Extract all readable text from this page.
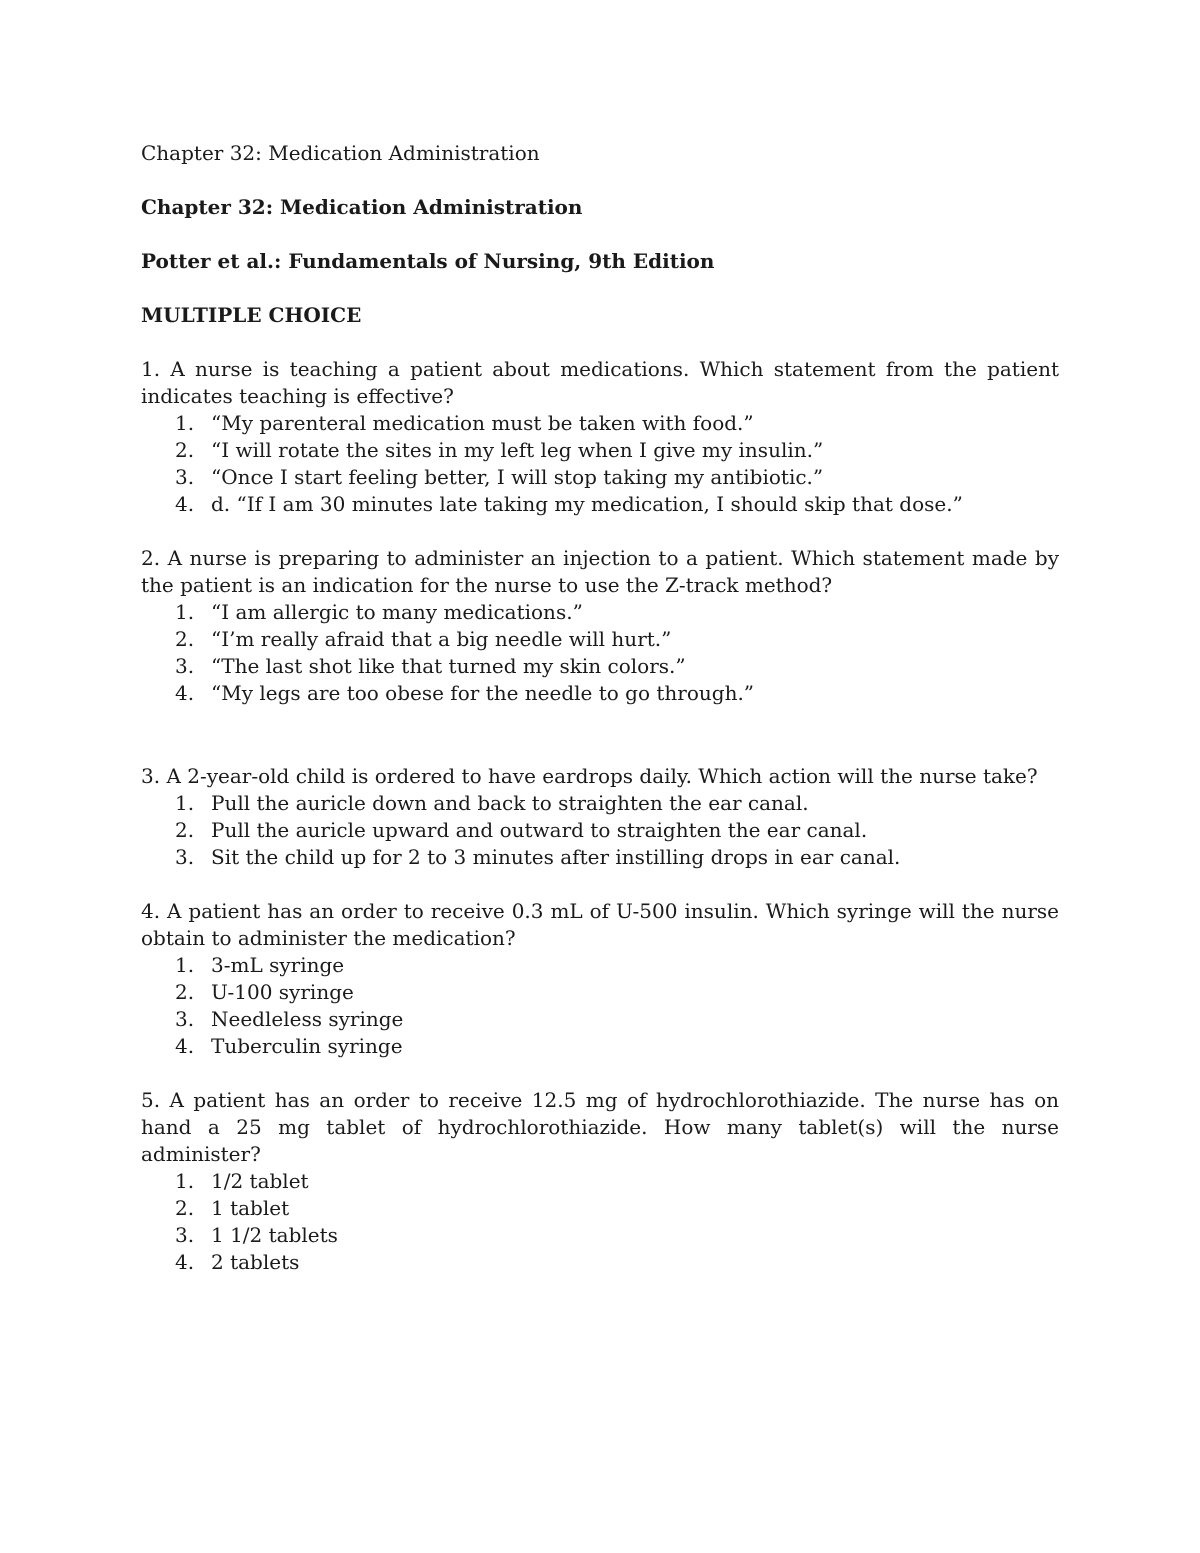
Chapter 32: Medication Administration

Chapter 32: Medication Administration

Potter et al.: Fundamentals of Nursing, 9th Edition

MULTIPLE CHOICE

1. A nurse is teaching a patient about medications. Which statement from the patient indicates teaching is effective?

1. “My parenteral medication must be taken with food.”
2. “I will rotate the sites in my left leg when I give my insulin.”
3. “Once I start feeling better, I will stop taking my antibiotic.”
4. d. “If I am 30 minutes late taking my medication, I should skip that dose.”

2. A nurse is preparing to administer an injection to a patient. Which statement made by the patient is an indication for the nurse to use the Z-track method?

1. “I am allergic to many medications.”
2. “I’m really afraid that a big needle will hurt.”
3. “The last shot like that turned my skin colors.”
4. “My legs are too obese for the needle to go through.”

3. A 2-year-old child is ordered to have eardrops daily. Which action will the nurse take?

1. Pull the auricle down and back to straighten the ear canal.
2. Pull the auricle upward and outward to straighten the ear canal.
3. Sit the child up for 2 to 3 minutes after instilling drops in ear canal.

4. A patient has an order to receive 0.3 mL of U-500 insulin. Which syringe will the nurse obtain to administer the medication?

1. 3-mL syringe
2. U-100 syringe
3. Needleless syringe
4. Tuberculin syringe

5. A patient has an order to receive 12.5 mg of hydrochlorothiazide. The nurse has on hand a 25 mg tablet of hydrochlorothiazide. How many tablet(s) will the nurse administer?

1. 1/2 tablet
2. 1 tablet
3. 1 1/2 tablets
4. 2 tablets
